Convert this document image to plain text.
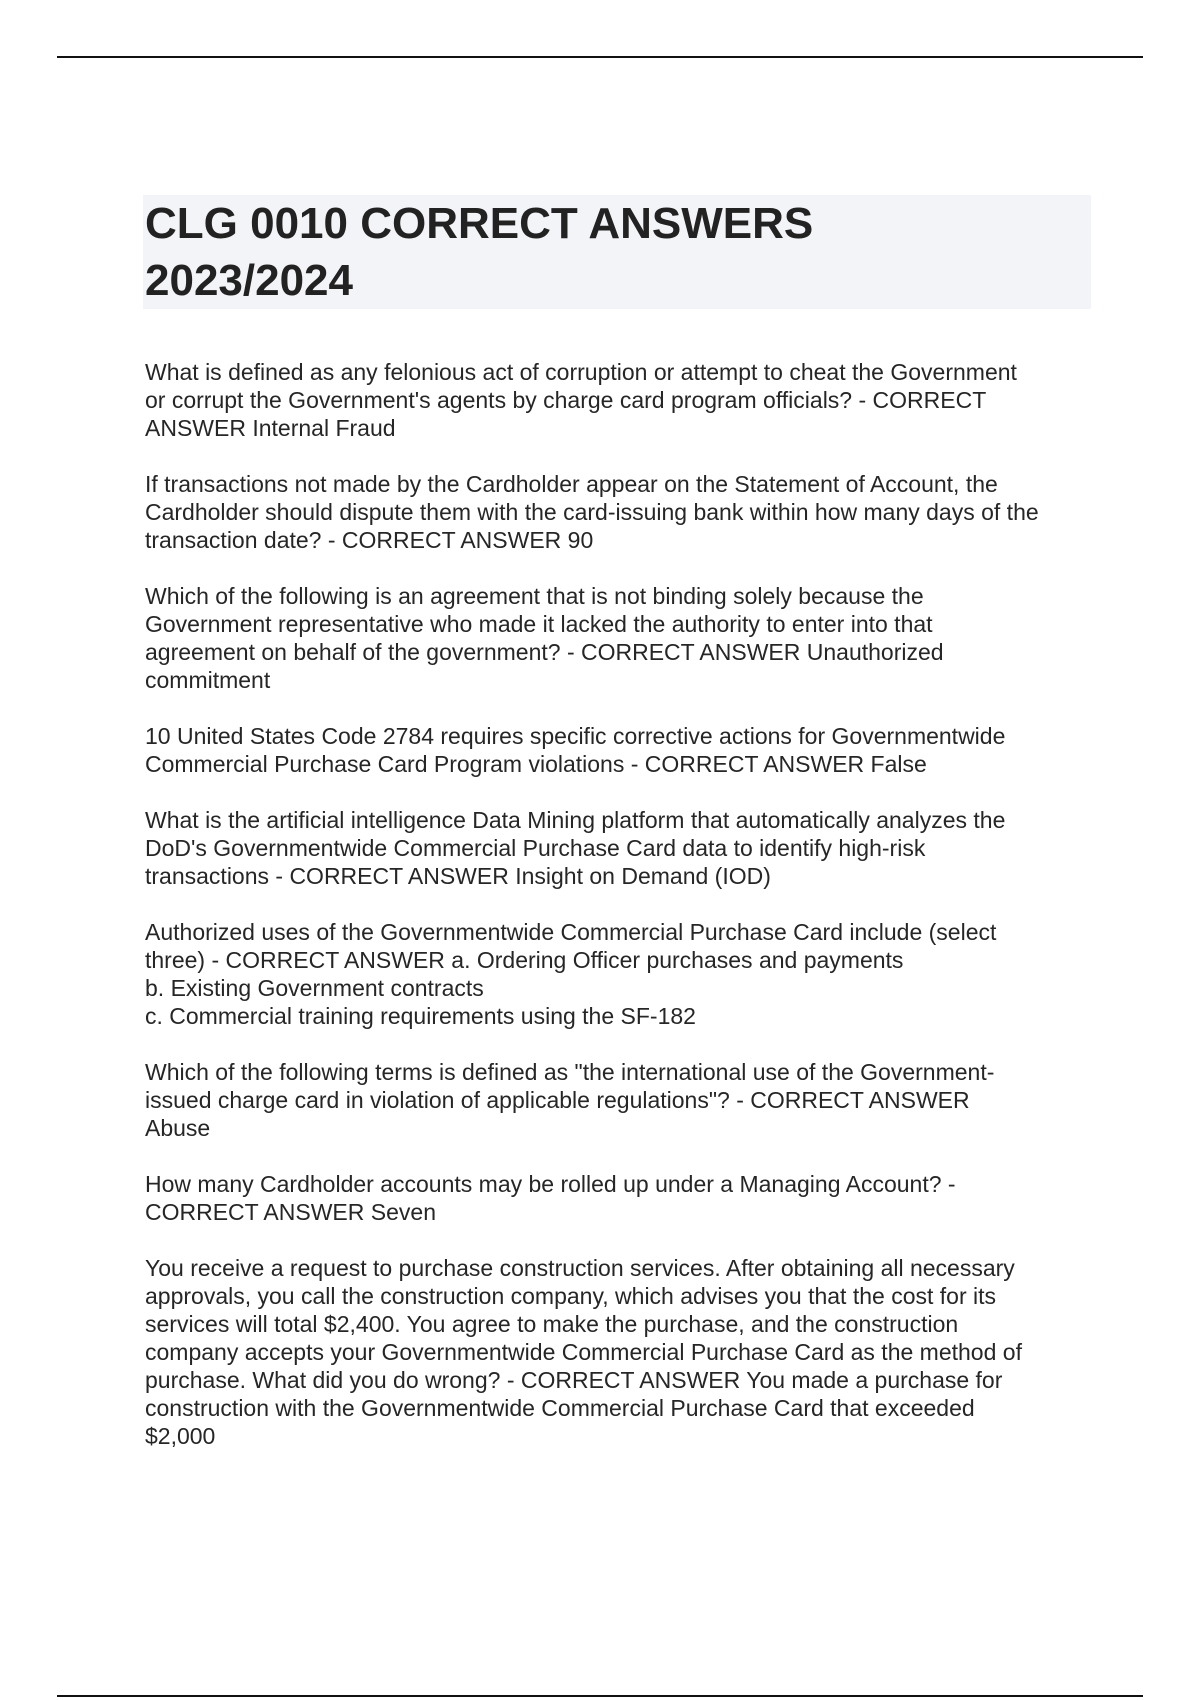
CLG 0010 CORRECT ANSWERS
2023/2024

What is defined as any felonious act of corruption or attempt to cheat the Government
or corrupt the Government's agents by charge card program officials? - CORRECT
ANSWER Internal Fraud

If transactions not made by the Cardholder appear on the Statement of Account, the
Cardholder should dispute them with the card-issuing bank within how many days of the
transaction date? - CORRECT ANSWER 90

Which of the following is an agreement that is not binding solely because the
Government representative who made it lacked the authority to enter into that
agreement on behalf of the government? - CORRECT ANSWER Unauthorized
commitment

10 United States Code 2784 requires specific corrective actions for Governmentwide
Commercial Purchase Card Program violations - CORRECT ANSWER False

What is the artificial intelligence Data Mining platform that automatically analyzes the
DoD's Governmentwide Commercial Purchase Card data to identify high-risk
transactions - CORRECT ANSWER Insight on Demand (IOD)

Authorized uses of the Governmentwide Commercial Purchase Card include (select
three) - CORRECT ANSWER a. Ordering Officer purchases and payments
b. Existing Government contracts
c. Commercial training requirements using the SF-182

Which of the following terms is defined as "the international use of the Government-
issued charge card in violation of applicable regulations"? - CORRECT ANSWER
Abuse

How many Cardholder accounts may be rolled up under a Managing Account? -
CORRECT ANSWER Seven

You receive a request to purchase construction services. After obtaining all necessary
approvals, you call the construction company, which advises you that the cost for its
services will total $2,400. You agree to make the purchase, and the construction
company accepts your Governmentwide Commercial Purchase Card as the method of
purchase. What did you do wrong? - CORRECT ANSWER You made a purchase for
construction with the Governmentwide Commercial Purchase Card that exceeded
$2,000
